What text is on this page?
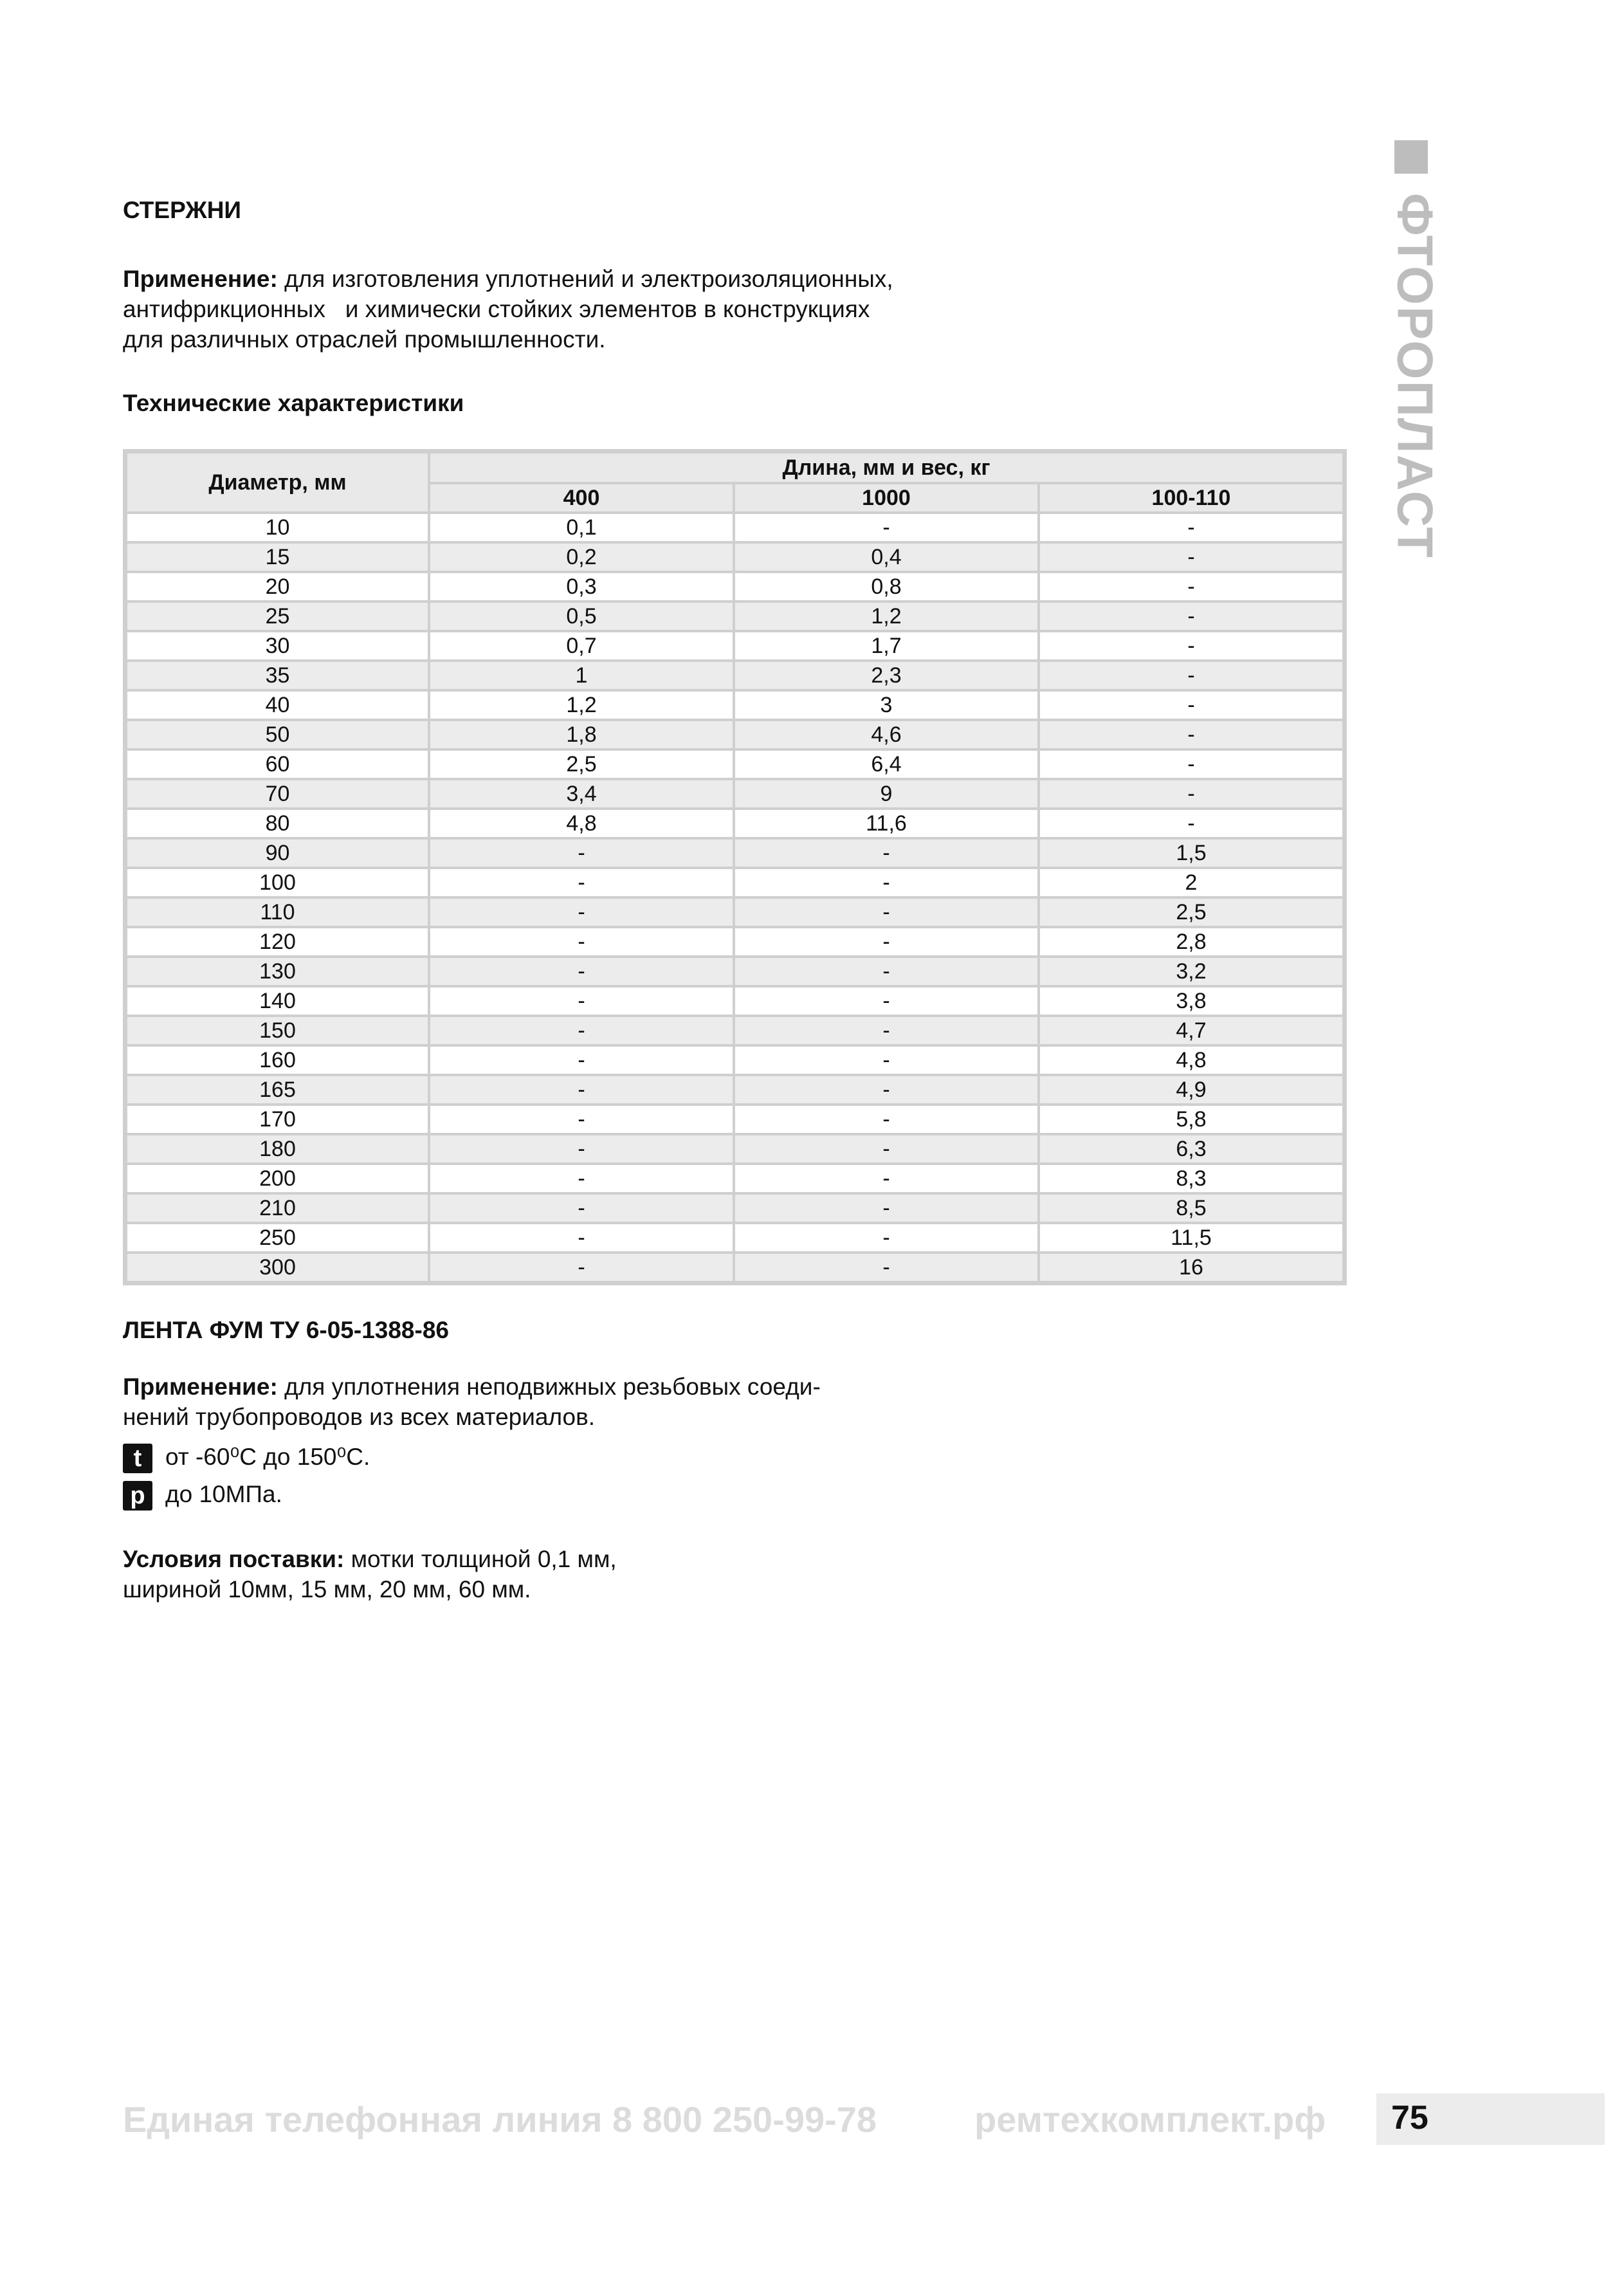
ФТОРОПЛАСТ
СТЕРЖНИ
Применение: для изготовления уплотнений и электроизоляционных,
антифрикционных   и химически стойких элементов в конструкциях
для различных отраслей промышленности.
Технические характеристики
Диаметр, мм	Длина, мм и вес, кг		
	400	1000	100-110
10	0,1	-	-
15	0,2	0,4	-
20	0,3	0,8	-
25	0,5	1,2	-
30	0,7	1,7	-
35	1	2,3	-
40	1,2	3	-
50	1,8	4,6	-
60	2,5	6,4	-
70	3,4	9	-
80	4,8	11,6	-
90	-	-	1,5
100	-	-	2
110	-	-	2,5
120	-	-	2,8
130	-	-	3,2
140	-	-	3,8
150	-	-	4,7
160	-	-	4,8
165	-	-	4,9
170	-	-	5,8
180	-	-	6,3
200	-	-	8,3
210	-	-	8,5
250	-	-	11,5
300	-	-	16
ЛЕНТА ФУМ ТУ 6-05-1388-86
Применение: для уплотнения неподвижных резьбовых соеди-
нений трубопроводов из всех материалов.
t от -60⁰С до 150⁰С.
р до 10МПа.
Условия поставки: мотки толщиной 0,1 мм,
шириной 10мм, 15 мм, 20 мм, 60 мм.
Единая телефонная линия 8 800 250-99-78	ремтехкомплект.рф 75
